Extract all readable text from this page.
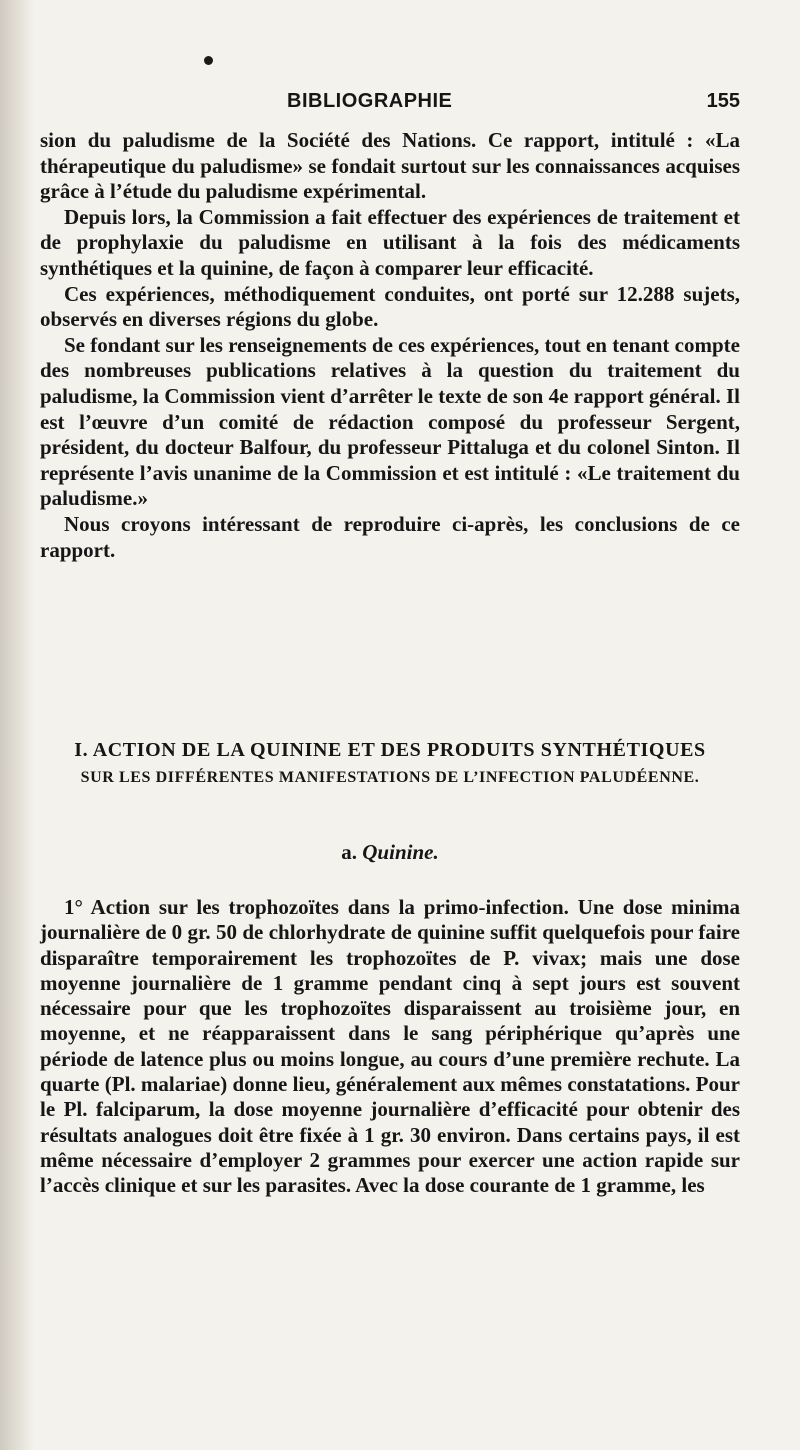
BIBLIOGRAPHIE	155

sion du paludisme de la Société des Nations. Ce rapport, intitulé : «La thérapeutique du paludisme» se fondait surtout sur les connaissances acquises grâce à l’étude du paludisme expérimental.

Depuis lors, la Commission a fait effectuer des expériences de traitement et de prophylaxie du paludisme en utilisant à la fois des médicaments synthétiques et la quinine, de façon à comparer leur efficacité.

Ces expériences, méthodiquement conduites, ont porté sur 12.288 sujets, observés en diverses régions du globe.

Se fondant sur les renseignements de ces expériences, tout en tenant compte des nombreuses publications relatives à la question du traitement du paludisme, la Commission vient d’arrêter le texte de son 4e rapport général. Il est l’œuvre d’un comité de rédaction composé du professeur Sergent, président, du docteur Balfour, du professeur Pittaluga et du colonel Sinton. Il représente l’avis unanime de la Commission et est intitulé : «Le traitement du paludisme.»

Nous croyons intéressant de reproduire ci-après, les conclusions de ce rapport.

I. ACTION DE LA QUININE ET DES PRODUITS SYNTHÉTIQUES
SUR LES DIFFÉRENTES MANIFESTATIONS DE L’INFECTION PALUDÉENNE.
a. Quinine.

1° Action sur les trophozoïtes dans la primo-infection. Une dose minima journalière de 0 gr. 50 de chlorhydrate de quinine suffit quelquefois pour faire disparaître temporairement les trophozoïtes de P. vivax; mais une dose moyenne journalière de 1 gramme pendant cinq à sept jours est souvent nécessaire pour que les trophozoïtes disparaissent au troisième jour, en moyenne, et ne réapparaissent dans le sang périphérique qu’après une période de latence plus ou moins longue, au cours d’une première rechute. La quarte (Pl. malariae) donne lieu, généralement aux mêmes constatations. Pour le Pl. falciparum, la dose moyenne journalière d’efficacité pour obtenir des résultats analogues doit être fixée à 1 gr. 30 environ. Dans certains pays, il est même nécessaire d’employer 2 grammes pour exercer une action rapide sur l’accès clinique et sur les parasites. Avec la dose courante de 1 gramme, les
